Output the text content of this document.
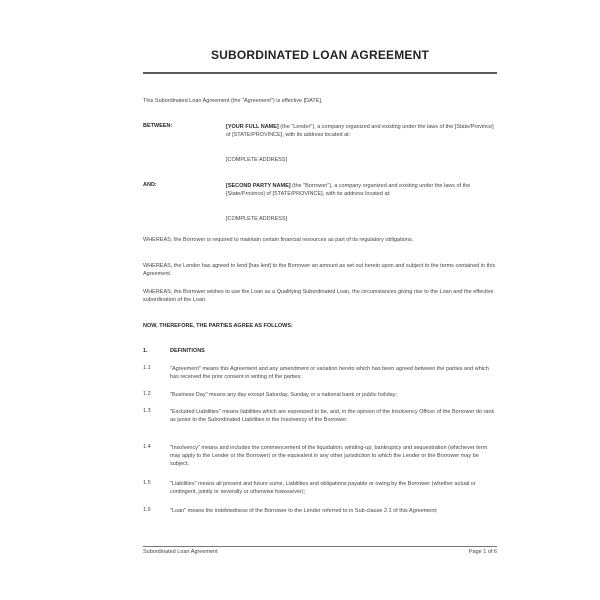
SUBORDINATED LOAN AGREEMENT
This Subordinated Loan Agreement (the "Agreement") is effective [DATE],
BETWEEN:	[YOUR FULL NAME] (the "Lender"), a company organized and existing under the laws of the [State/Province] of [STATE/PROVINCE], with its address located at:
[COMPLETE ADDRESS]
AND:	[SECOND PARTY NAME] (the "Borrower"), a company organized and existing under the laws of the [State/Province] of [STATE/PROVINCE], with its address located at:
[COMPLETE ADDRESS]
WHEREAS, the Borrower is required to maintain certain financial resources as part of its regulatory obligations.
WHEREAS, the Lender has agreed to lend [has lent] to the Borrower an amount as set out herein upon and subject to the terms contained in this Agreement.
WHEREAS, the Borrower wishes to use the Loan as a Qualifying Subordinated Loan, the circumstances giving rise to the Loan and the effective subordination of the Loan.
NOW, THEREFORE, THE PARTIES AGREE AS FOLLOWS:
1.	DEFINITIONS
1.1	"Agreement" means this Agreement and any amendment or variation hereto which has been agreed between the parties and which has received the prior consent in writing of the parties;
1.2	"Business Day" means any day except Saturday, Sunday or a national bank or public holiday;
1.3	"Excluded Liabilities" means liabilities which are expressed to be, and, in the opinion of the Insolvency Officer of the Borrower do rank as junior to the Subordinated Liabilities in the Insolvency of the Borrower;
1.4	"Insolvency" means and includes the commencement of the liquidation, winding-up, bankruptcy and sequestration (whichever term may apply to the Lender or the Borrower) or the equivalent in any other jurisdiction to which the Lender or the Borrower may be subject;
1.5	"Liabilities" means all present and future sums, Liabilities and obligations payable or owing by the Borrower (whether actual or contingent, jointly or severally or otherwise howsoever);
1.6	"Loan" means the indebtedness of the Borrower to the Lender referred to in Sub-clause 2.1 of this Agreement;
Subordinated Loan Agreement	Page 1 of 6
